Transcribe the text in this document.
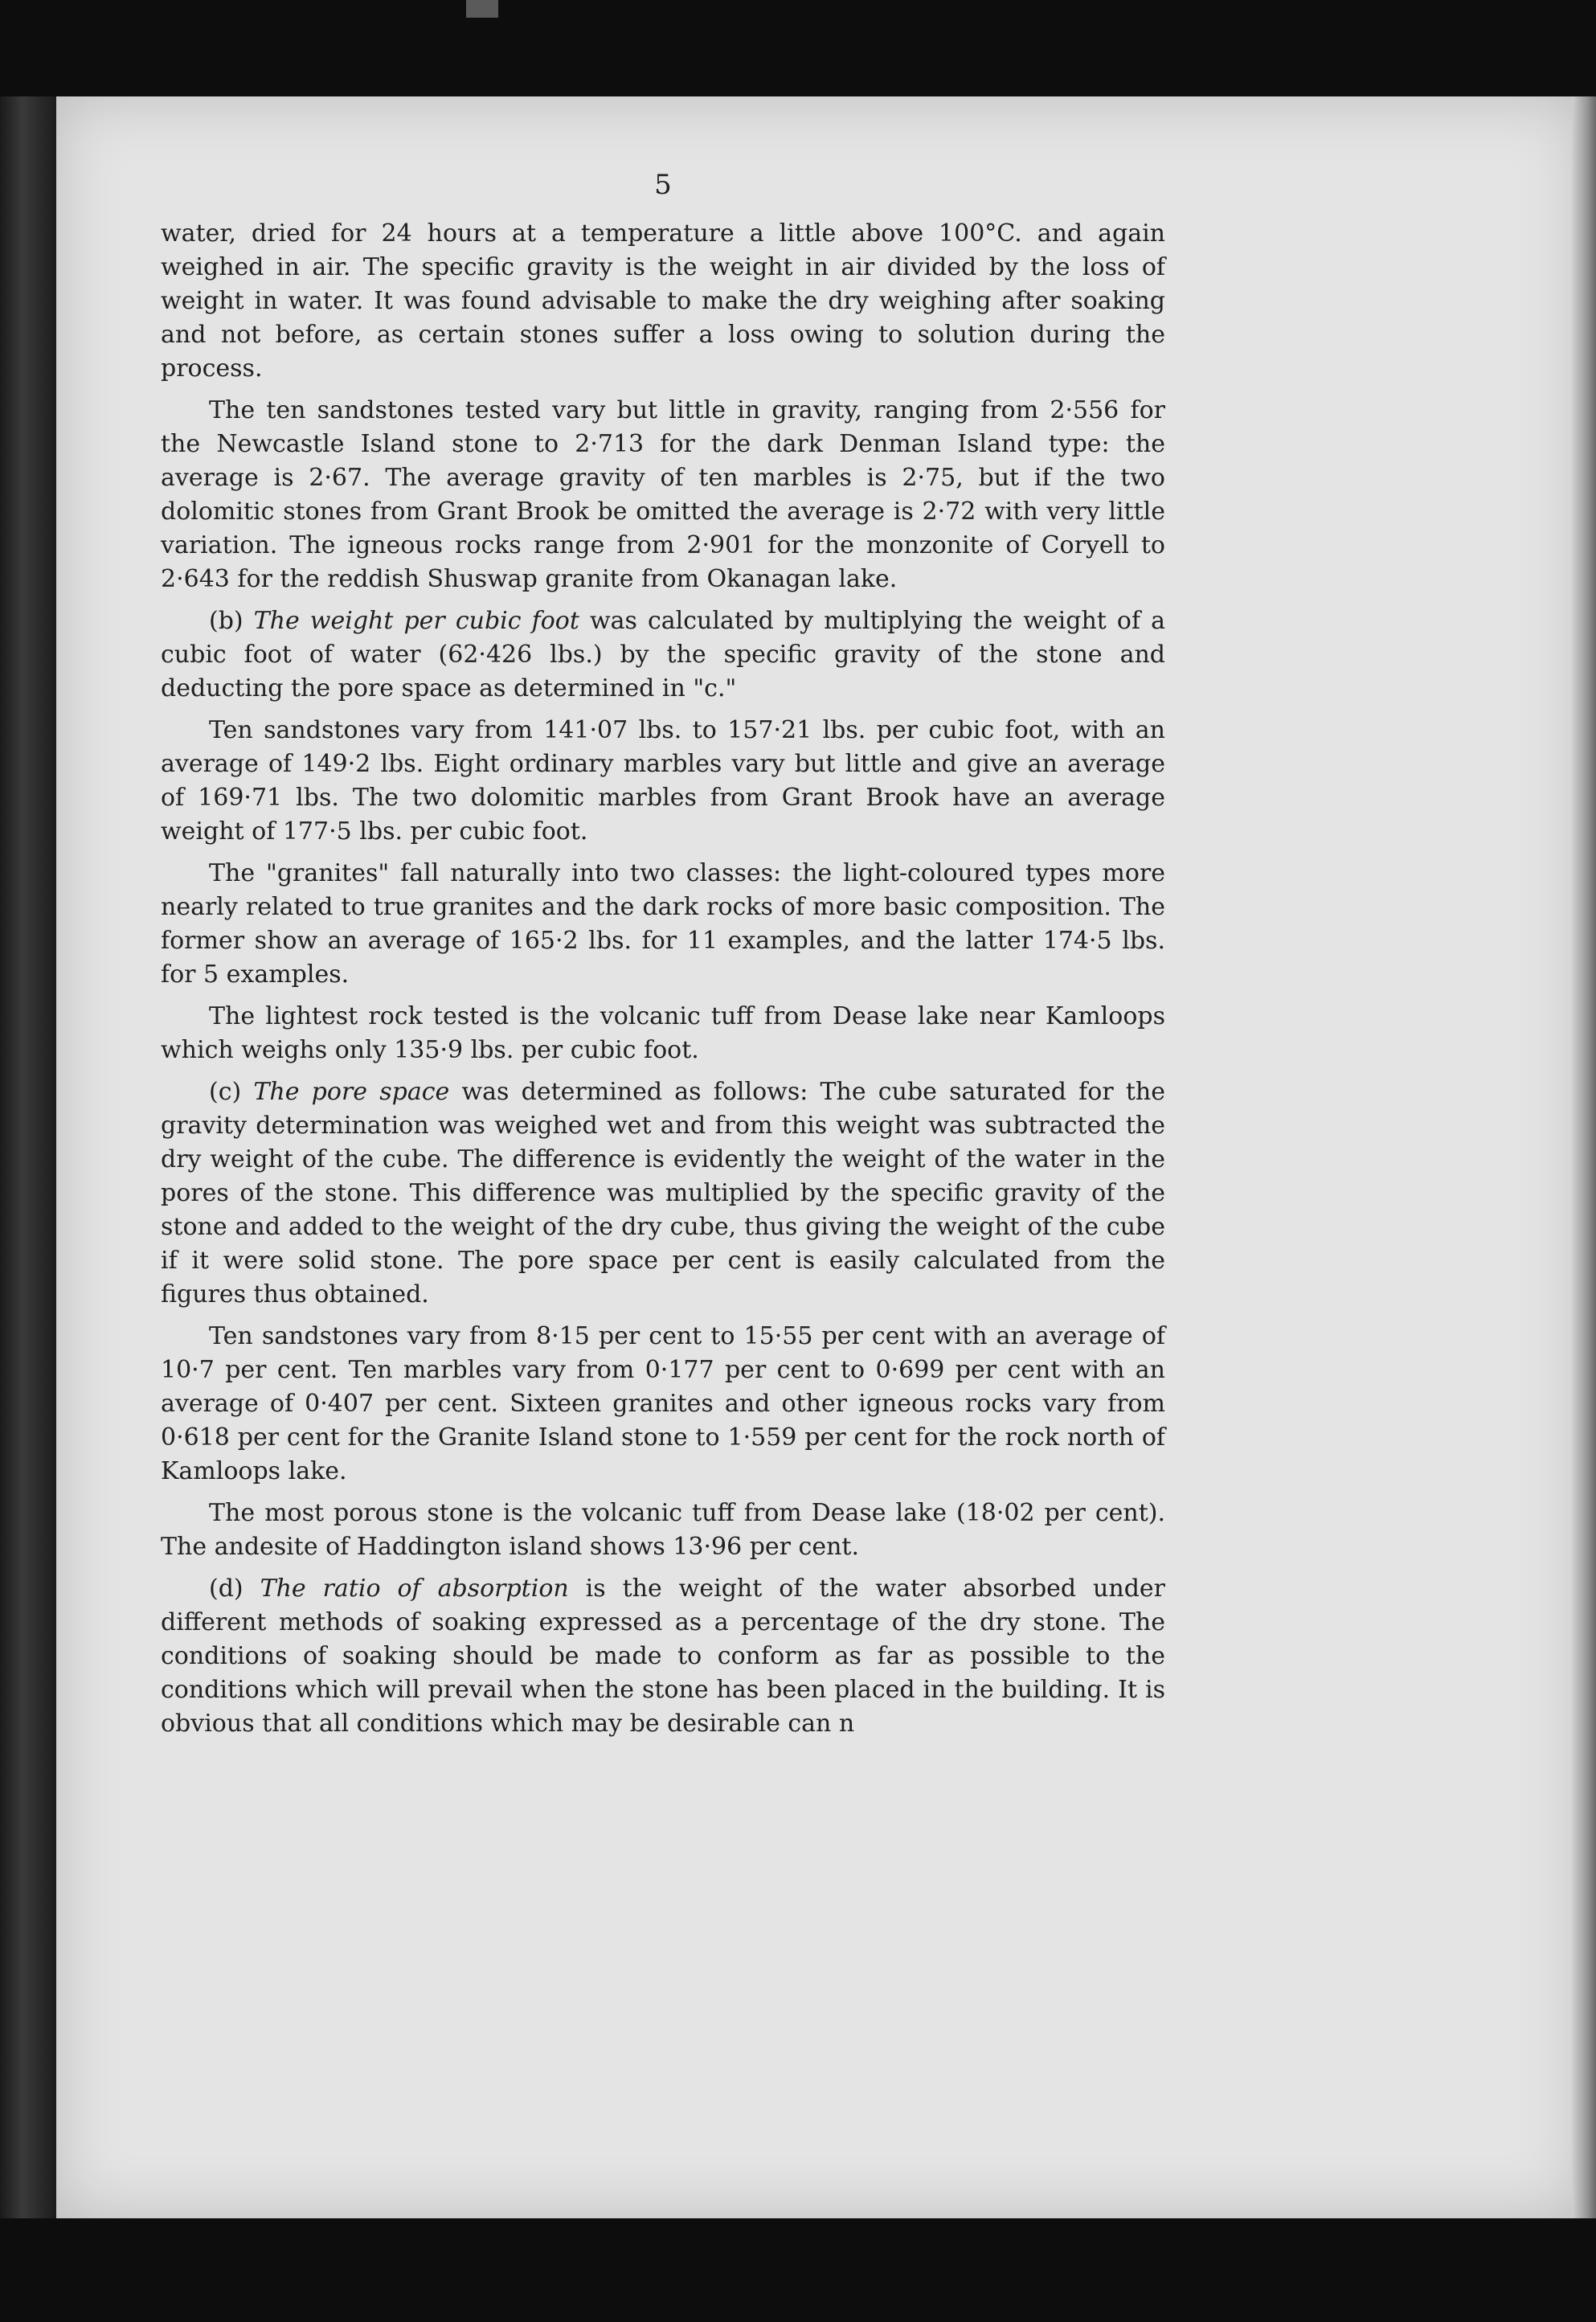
5

water, dried for 24 hours at a temperature a little above 100°C. and again weighed in air. The specific gravity is the weight in air divided by the loss of weight in water. It was found advisable to make the dry weighing after soaking and not before, as certain stones suffer a loss owing to solution during the process.

The ten sandstones tested vary but little in gravity, ranging from 2·556 for the Newcastle Island stone to 2·713 for the dark Denman Island type: the average is 2·67. The average gravity of ten marbles is 2·75, but if the two dolomitic stones from Grant Brook be omitted the average is 2·72 with very little variation. The igneous rocks range from 2·901 for the monzonite of Coryell to 2·643 for the reddish Shuswap granite from Okanagan lake.

(b) The weight per cubic foot was calculated by multiplying the weight of a cubic foot of water (62·426 lbs.) by the specific gravity of the stone and deducting the pore space as determined in "c."

Ten sandstones vary from 141·07 lbs. to 157·21 lbs. per cubic foot, with an average of 149·2 lbs. Eight ordinary marbles vary but little and give an average of 169·71 lbs. The two dolomitic marbles from Grant Brook have an average weight of 177·5 lbs. per cubic foot.

The "granites" fall naturally into two classes: the light-coloured types more nearly related to true granites and the dark rocks of more basic composition. The former show an average of 165·2 lbs. for 11 examples, and the latter 174·5 lbs. for 5 examples.

The lightest rock tested is the volcanic tuff from Dease lake near Kamloops which weighs only 135·9 lbs. per cubic foot.

(c) The pore space was determined as follows: The cube saturated for the gravity determination was weighed wet and from this weight was subtracted the dry weight of the cube. The difference is evidently the weight of the water in the pores of the stone. This difference was multiplied by the specific gravity of the stone and added to the weight of the dry cube, thus giving the weight of the cube if it were solid stone. The pore space per cent is easily calculated from the figures thus obtained.

Ten sandstones vary from 8·15 per cent to 15·55 per cent with an average of 10·7 per cent. Ten marbles vary from 0·177 per cent to 0·699 per cent with an average of 0·407 per cent. Sixteen granites and other igneous rocks vary from 0·618 per cent for the Granite Island stone to 1·559 per cent for the rock north of Kamloops lake.

The most porous stone is the volcanic tuff from Dease lake (18·02 per cent). The andesite of Haddington island shows 13·96 per cent.

(d) The ratio of absorption is the weight of the water absorbed under different methods of soaking expressed as a percentage of the dry stone. The conditions of soaking should be made to conform as far as possible to the conditions which will prevail when the stone has been placed in the building. It is obvious that all conditions which may be desirable can n
